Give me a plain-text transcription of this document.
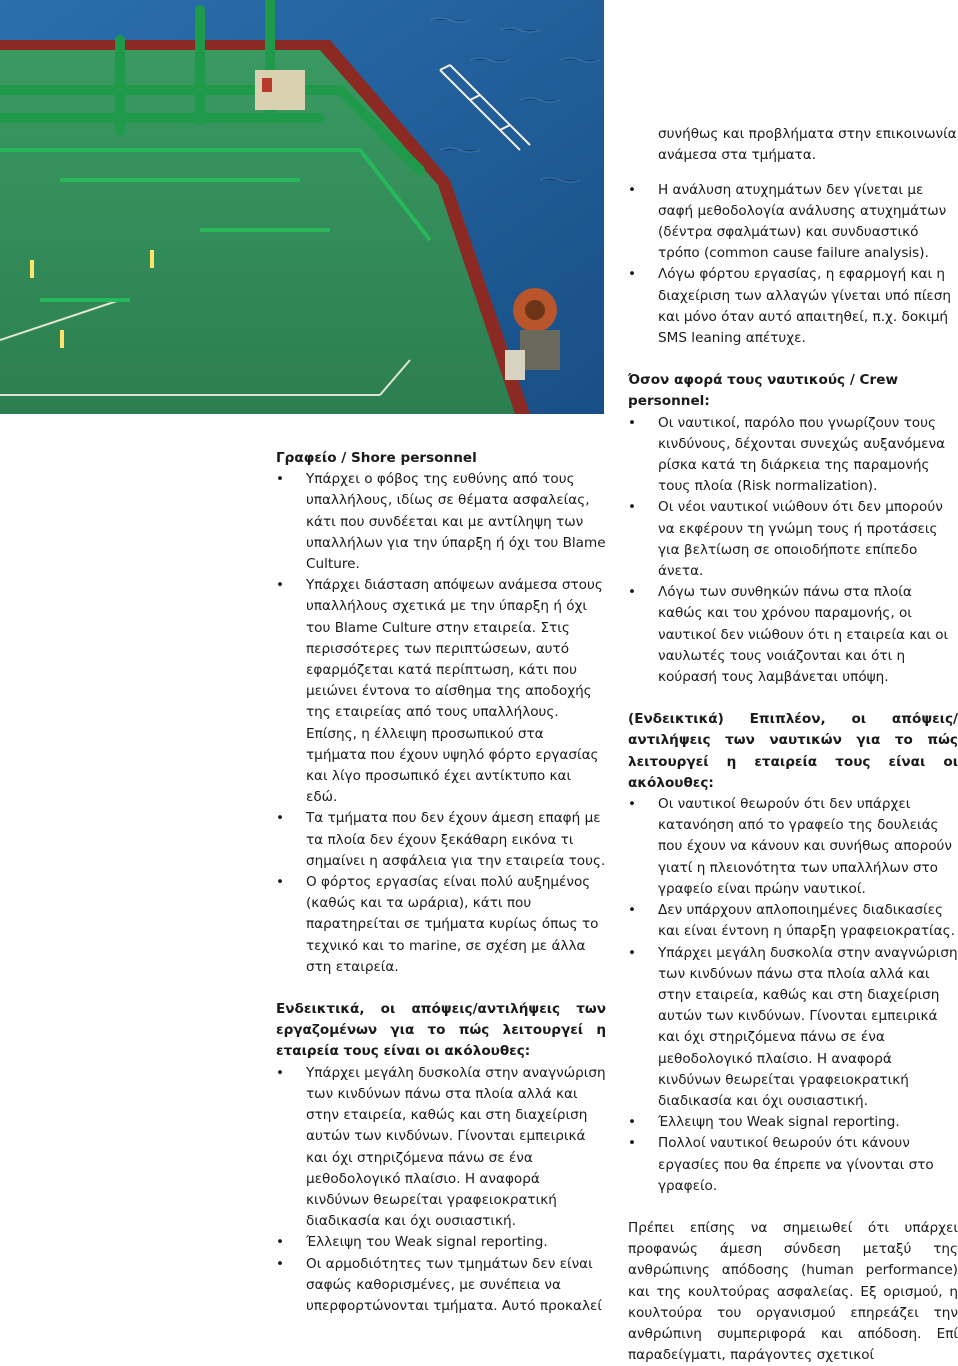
Γραφείο / Shore personnel

•	Υπάρχει ο φόβος της ευθύνης από τους υπαλλήλους, ιδίως σε θέματα ασφαλείας, κάτι που συνδέεται και με αντίληψη των υπαλλήλων για την ύπαρξη ή όχι του Blame Culture.
•	Υπάρχει διάσταση απόψεων ανάμεσα στους υπαλλήλους σχετικά με την ύπαρξη ή όχι του Blame Culture στην εταιρεία. Στις περισσότερες των περιπτώσεων, αυτό εφαρμόζεται κατά περίπτωση, κάτι που μειώνει έντονα το αίσθημα της αποδοχής της εταιρείας από τους υπαλλήλους. Επίσης, η έλλειψη προσωπικού στα τμήματα που έχουν υψηλό φόρτο εργασίας και λίγο προσωπικό έχει αντίκτυπο και εδώ.
•	Τα τμήματα που δεν έχουν άμεση επαφή με τα πλοία δεν έχουν ξεκάθαρη εικόνα τι σημαίνει η ασφάλεια για την εταιρεία τους.
•	Ο φόρτος εργασίας είναι πολύ αυξημένος (καθώς και τα ωράρια), κάτι που παρατηρείται σε τμήματα κυρίως όπως το τεχνικό και το marine, σε σχέση με άλλα στη εταιρεία.

Ενδεικτικά, οι απόψεις/αντιλήψεις των εργαζομένων για το πώς λειτουργεί η εταιρεία τους είναι οι ακόλουθες:

•	Υπάρχει μεγάλη δυσκολία στην αναγνώριση των κινδύνων πάνω στα πλοία αλλά και στην εταιρεία, καθώς και στη διαχείριση αυτών των κινδύνων. Γίνονται εμπειρικά και όχι στηριζόμενα πάνω σε ένα μεθοδολογικό πλαίσιο. Η αναφορά κινδύνων θεωρείται γραφειοκρατική διαδικασία και όχι ουσιαστική.
•	Έλλειψη του Weak signal reporting.
•	Οι αρμοδιότητες των τμημάτων δεν είναι σαφώς καθορισμένες, με συνέπεια να υπερφορτώνονται τμήματα. Αυτό προκαλεί

συνήθως και προβλήματα στην επικοινωνία ανάμεσα στα τμήματα.

•	Η ανάλυση ατυχημάτων δεν γίνεται με σαφή μεθοδολογία ανάλυσης ατυχημάτων (δέντρα σφαλμάτων) και συνδυαστικό τρόπο (common cause failure analysis).
•	Λόγω φόρτου εργασίας, η εφαρμογή και η διαχείριση των αλλαγών γίνεται υπό πίεση και μόνο όταν αυτό απαιτηθεί, π.χ. δοκιμή SMS leaning απέτυχε.

Όσον αφορά τους ναυτικούς / Crew personnel:

•	Οι ναυτικοί, παρόλο που γνωρίζουν τους κινδύνους, δέχονται συνεχώς αυξανόμενα ρίσκα κατά τη διάρκεια της παραμονής τους πλοία (Risk normalization).
•	Οι νέοι ναυτικοί νιώθουν ότι δεν μπορούν να εκφέρουν τη γνώμη τους ή προτάσεις για βελτίωση σε οποιοδήποτε επίπεδο άνετα.
•	Λόγω των συνθηκών πάνω στα πλοία καθώς και του χρόνου παραμονής, οι ναυτικοί δεν νιώθουν ότι η εταιρεία και οι ναυλωτές τους νοιάζονται και ότι η κούρασή τους λαμβάνεται υπόψη.

(Ενδεικτικά) Επιπλέον, οι απόψεις/αντιλήψεις των ναυτικών για το πώς λειτουργεί η εταιρεία τους είναι οι ακόλουθες:

•	Οι ναυτικοί θεωρούν ότι δεν υπάρχει κατανόηση από το γραφείο της δουλειάς που έχουν να κάνουν και συνήθως απορούν γιατί η πλειονότητα των υπαλλήλων στο γραφείο είναι πρώην ναυτικοί.
•	Δεν υπάρχουν απλοποιημένες διαδικασίες και είναι έντονη η ύπαρξη γραφειοκρατίας.
•	Υπάρχει μεγάλη δυσκολία στην αναγνώριση των κινδύνων πάνω στα πλοία αλλά και στην εταιρεία, καθώς και στη διαχείριση αυτών των κινδύνων. Γίνονται εμπειρικά και όχι στηριζόμενα πάνω σε ένα μεθοδολογικό πλαίσιο. Η αναφορά κινδύνων θεωρείται γραφειοκρατική διαδικασία και όχι ουσιαστική.
•	Έλλειψη του Weak signal reporting.
•	Πολλοί ναυτικοί θεωρούν ότι κάνουν εργασίες που θα έπρεπε να γίνονται στο γραφείο.

Πρέπει επίσης να σημειωθεί ότι υπάρχει προφανώς άμεση σύνδεση μεταξύ της ανθρώπινης απόδοσης (human performance) και της κουλτούρας ασφαλείας. Εξ ορισμού, η κουλτούρα του οργανισμού επηρεάζει την ανθρώπινη συμπεριφορά και απόδοση. Επί παραδείγματι, παράγοντες σχετικοί
